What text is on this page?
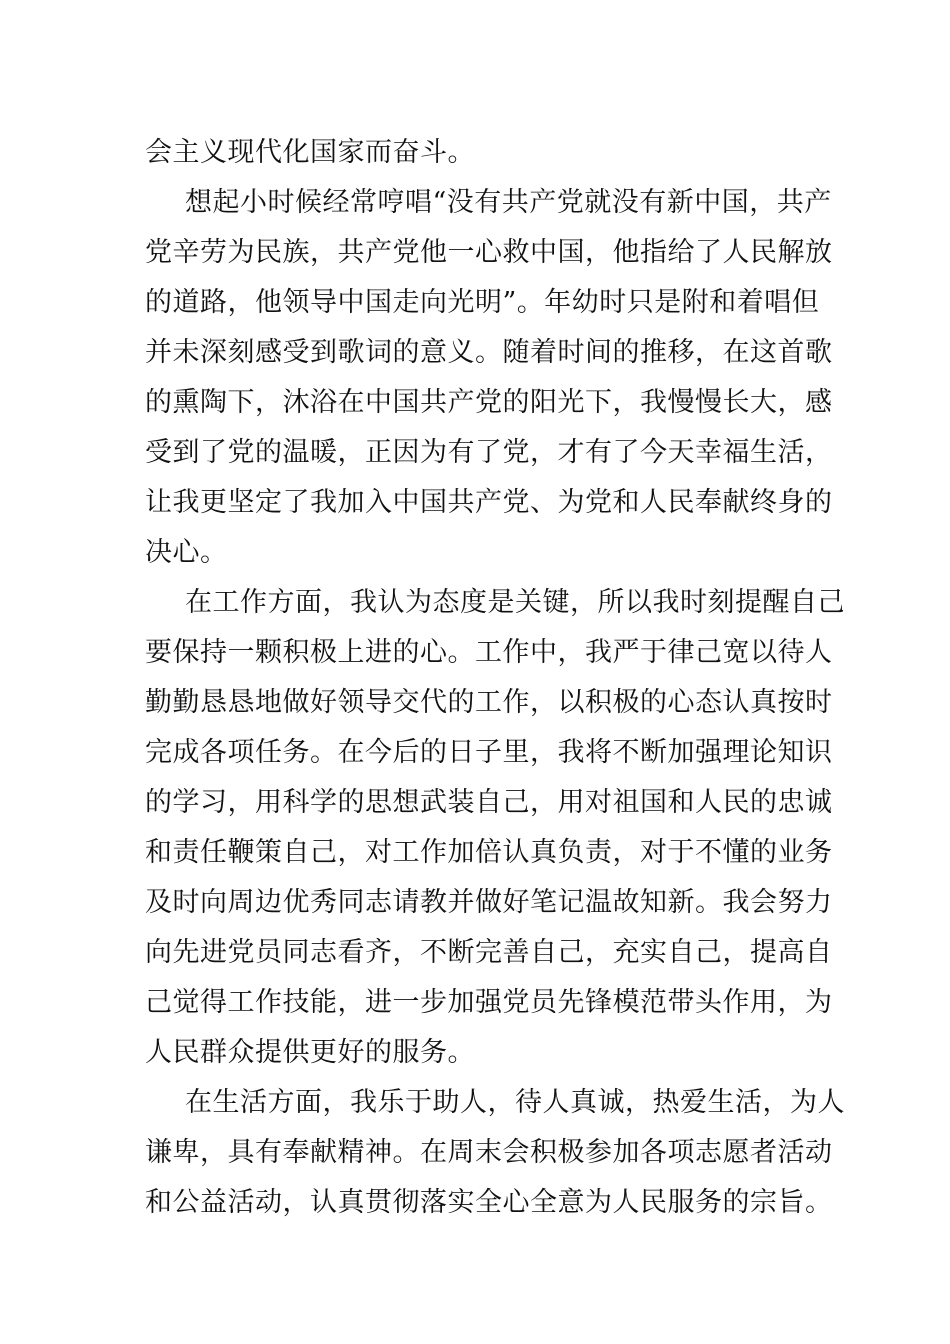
会主义现代化国家而奋斗。
想起小时候经常哼唱“没有共产党就没有新中国，共产
党辛劳为民族，共产党他一心救中国，他指给了人民解放
的道路，他领导中国走向光明”。年幼时只是附和着唱但
并未深刻感受到歌词的意义。随着时间的推移，在这首歌
的熏陶下，沐浴在中国共产党的阳光下，我慢慢长大，感
受到了党的温暖，正因为有了党，才有了今天幸福生活，
让我更坚定了我加入中国共产党、为党和人民奉献终身的
决心。
在工作方面，我认为态度是关键，所以我时刻提醒自己
要保持一颗积极上进的心。工作中，我严于律己宽以待人
勤勤恳恳地做好领导交代的工作，以积极的心态认真按时
完成各项任务。在今后的日子里，我将不断加强理论知识
的学习，用科学的思想武装自己，用对祖国和人民的忠诚
和责任鞭策自己，对工作加倍认真负责，对于不懂的业务
及时向周边优秀同志请教并做好笔记温故知新。我会努力
向先进党员同志看齐，不断完善自己，充实自己，提高自
己觉得工作技能，进一步加强党员先锋模范带头作用，为
人民群众提供更好的服务。
在生活方面，我乐于助人，待人真诚，热爱生活，为人
谦卑，具有奉献精神。在周末会积极参加各项志愿者活动
和公益活动，认真贯彻落实全心全意为人民服务的宗旨。
